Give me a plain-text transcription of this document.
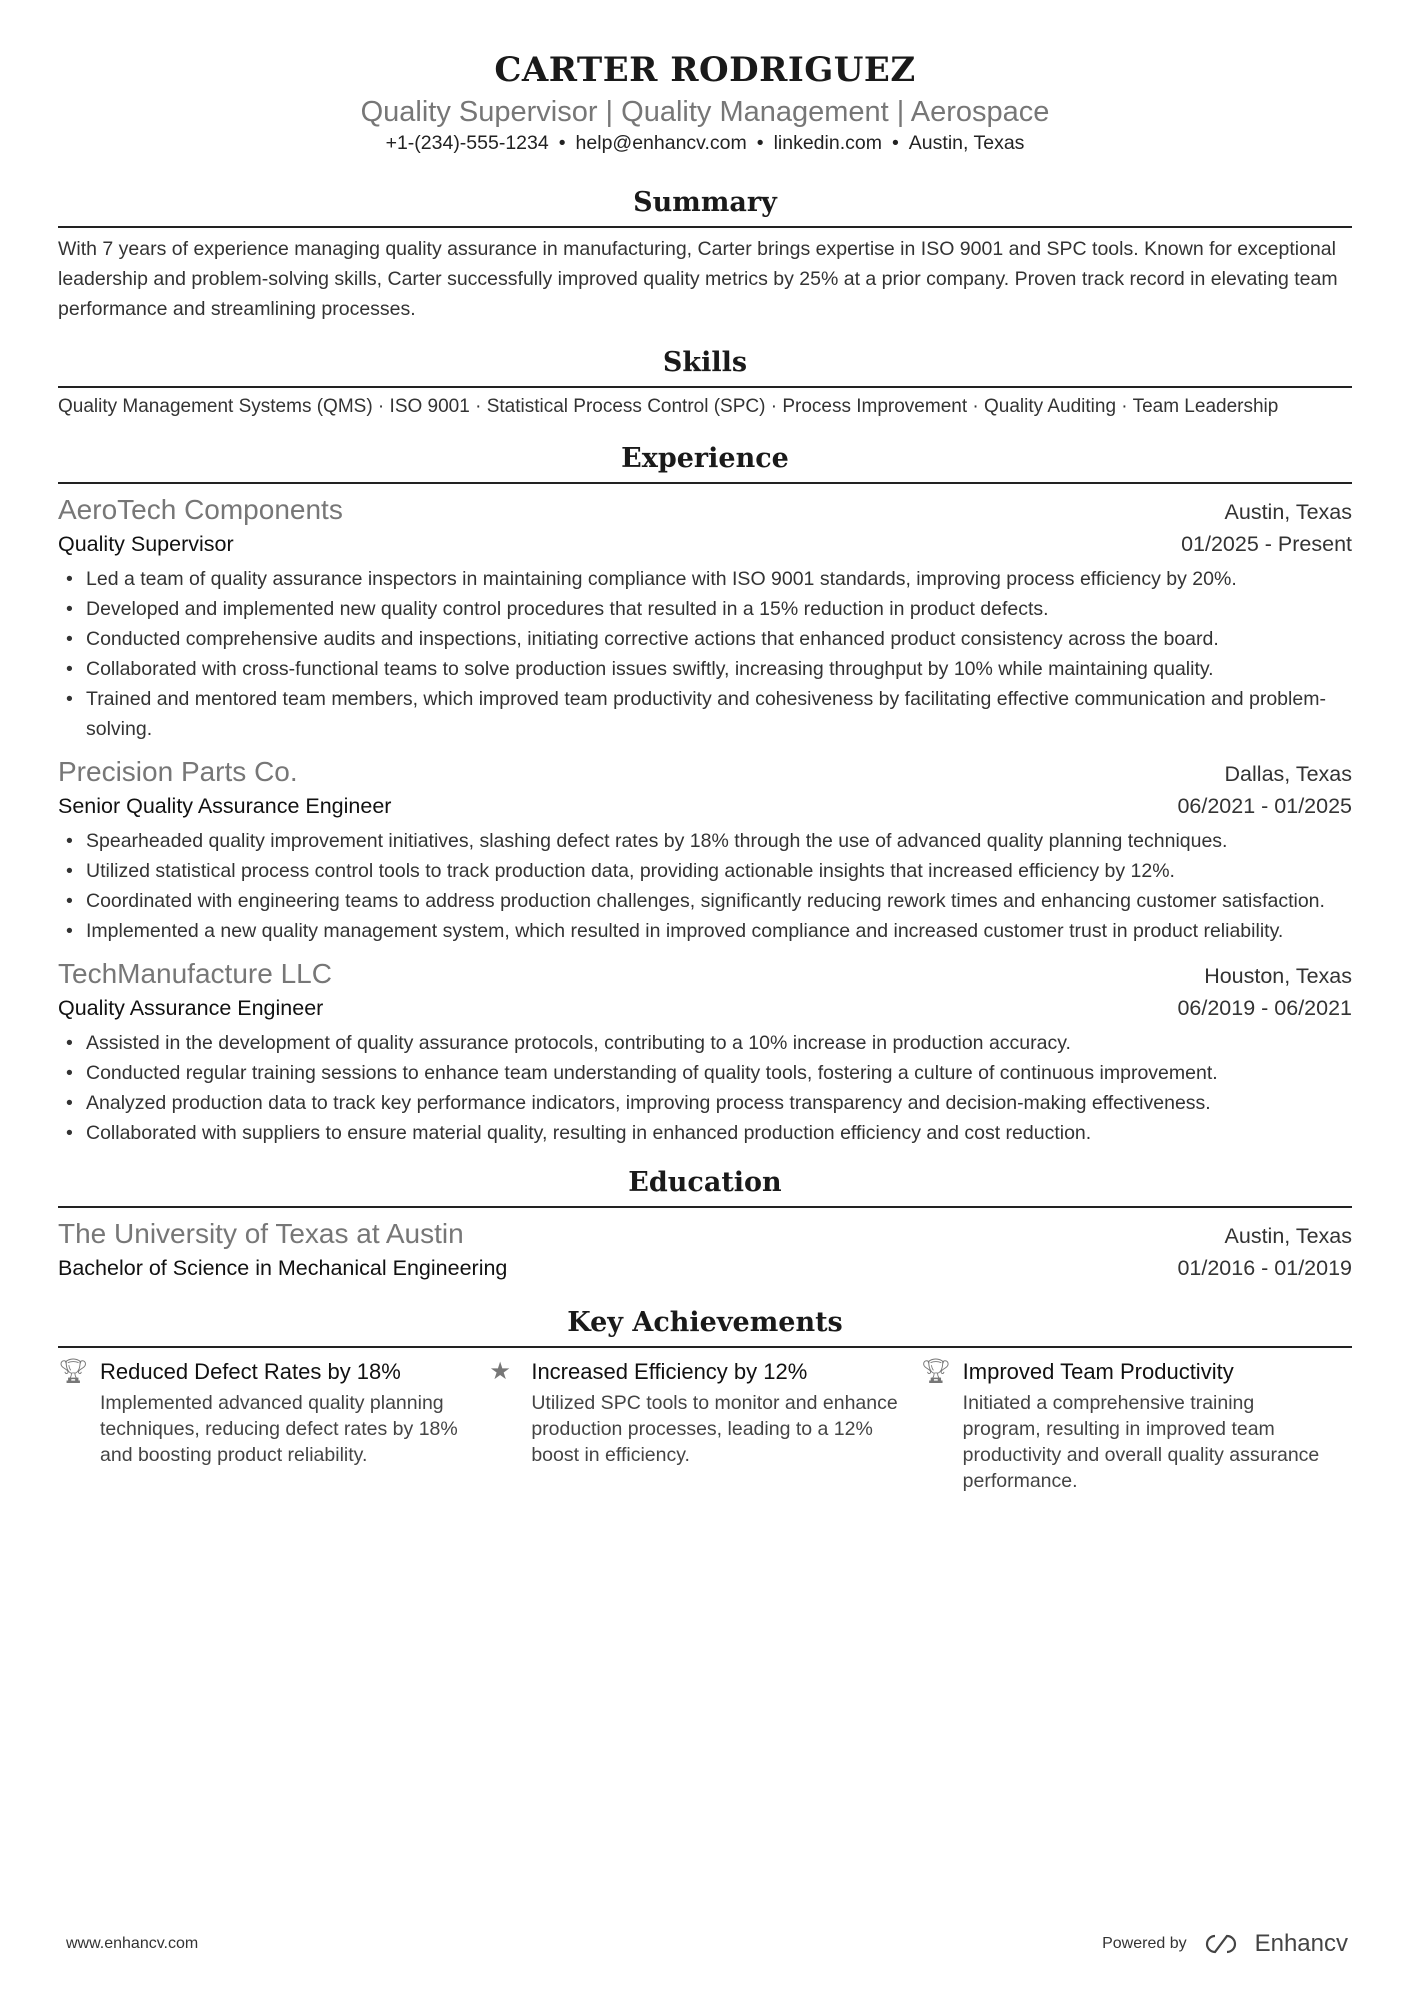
CARTER RODRIGUEZ
Quality Supervisor | Quality Management | Aerospace
+1-(234)-555-1234 • help@enhancv.com • linkedin.com • Austin, Texas
Summary
With 7 years of experience managing quality assurance in manufacturing, Carter brings expertise in ISO 9001 and SPC tools. Known for exceptional leadership and problem-solving skills, Carter successfully improved quality metrics by 25% at a prior company. Proven track record in elevating team performance and streamlining processes.
Skills
Quality Management Systems (QMS) · ISO 9001 · Statistical Process Control (SPC) · Process Improvement · Quality Auditing · Team Leadership
Experience
AeroTech Components	Austin, Texas
Quality Supervisor	01/2025 - Present
• Led a team of quality assurance inspectors in maintaining compliance with ISO 9001 standards, improving process efficiency by 20%.
• Developed and implemented new quality control procedures that resulted in a 15% reduction in product defects.
• Conducted comprehensive audits and inspections, initiating corrective actions that enhanced product consistency across the board.
• Collaborated with cross-functional teams to solve production issues swiftly, increasing throughput by 10% while maintaining quality.
• Trained and mentored team members, which improved team productivity and cohesiveness by facilitating effective communication and problem-solving.
Precision Parts Co.	Dallas, Texas
Senior Quality Assurance Engineer	06/2021 - 01/2025
• Spearheaded quality improvement initiatives, slashing defect rates by 18% through the use of advanced quality planning techniques.
• Utilized statistical process control tools to track production data, providing actionable insights that increased efficiency by 12%.
• Coordinated with engineering teams to address production challenges, significantly reducing rework times and enhancing customer satisfaction.
• Implemented a new quality management system, which resulted in improved compliance and increased customer trust in product reliability.
TechManufacture LLC	Houston, Texas
Quality Assurance Engineer	06/2019 - 06/2021
• Assisted in the development of quality assurance protocols, contributing to a 10% increase in production accuracy.
• Conducted regular training sessions to enhance team understanding of quality tools, fostering a culture of continuous improvement.
• Analyzed production data to track key performance indicators, improving process transparency and decision-making effectiveness.
• Collaborated with suppliers to ensure material quality, resulting in enhanced production efficiency and cost reduction.
Education
The University of Texas at Austin	Austin, Texas
Bachelor of Science in Mechanical Engineering	01/2016 - 01/2019
Key Achievements
🏆︎ Reduced Defect Rates by 18%
Implemented advanced quality planning techniques, reducing defect rates by 18% and boosting product reliability.
★ Increased Efficiency by 12%
Utilized SPC tools to monitor and enhance production processes, leading to a 12% boost in efficiency.
🏆︎ Improved Team Productivity
Initiated a comprehensive training program, resulting in improved team productivity and overall quality assurance performance.
www.enhancv.com	Powered by	Enhancv
